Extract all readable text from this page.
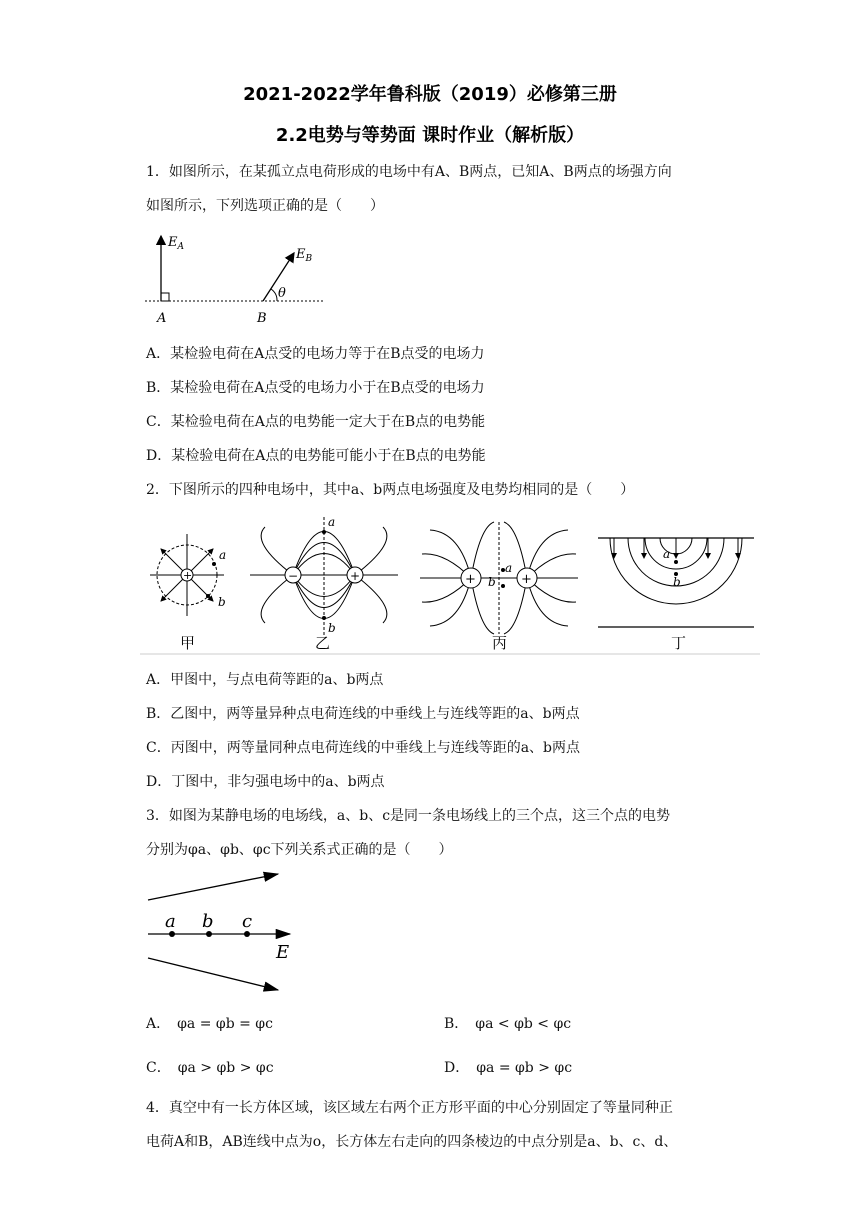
2021-2022学年鲁科版（2019）必修第三册
2.2电势与等势面 课时作业（解析版）
1．如图所示，在某孤立点电荷形成的电场中有A、B两点，已知A、B两点的场强方向
如图所示，下列选项正确的是（　　）
$E_A$	$E_B$
θ
A	B
A．某检验电荷在A点受的电场力等于在B点受的电场力
B．某检验电荷在A点受的电场力小于在B点受的电场力
C．某检验电荷在A点的电势能一定大于在B点的电势能
D．某检验电荷在A点的电势能可能小于在B点的电势能
2．下图所示的四种电场中，其中a、b两点电场强度及电势均相同的是（　　）
+
a
b
甲
−	+
a
b
乙
+	+
a
b
丙
a
b
丁
A．甲图中，与点电荷等距的a、b两点
B．乙图中，两等量异种点电荷连线的中垂线上与连线等距的a、b两点
C．丙图中，两等量同种点电荷连线的中垂线上与连线等距的a、b两点
D．丁图中，非匀强电场中的a、b两点
3．如图为某静电场的电场线，a、b、c是同一条电场线上的三个点，这三个点的电势
分别为φa、φb、φc下列关系式正确的是（　　）
a b c
E
A．　φa = φb = φc	B．　φa < φb < φc
C．　φa > φb > φc	D．　φa = φb > φc
4．真空中有一长方体区域，该区域左右两个正方形平面的中心分别固定了等量同种正
电荷A和B，AB连线中点为o，长方体左右走向的四条棱边的中点分别是a、b、c、d、
